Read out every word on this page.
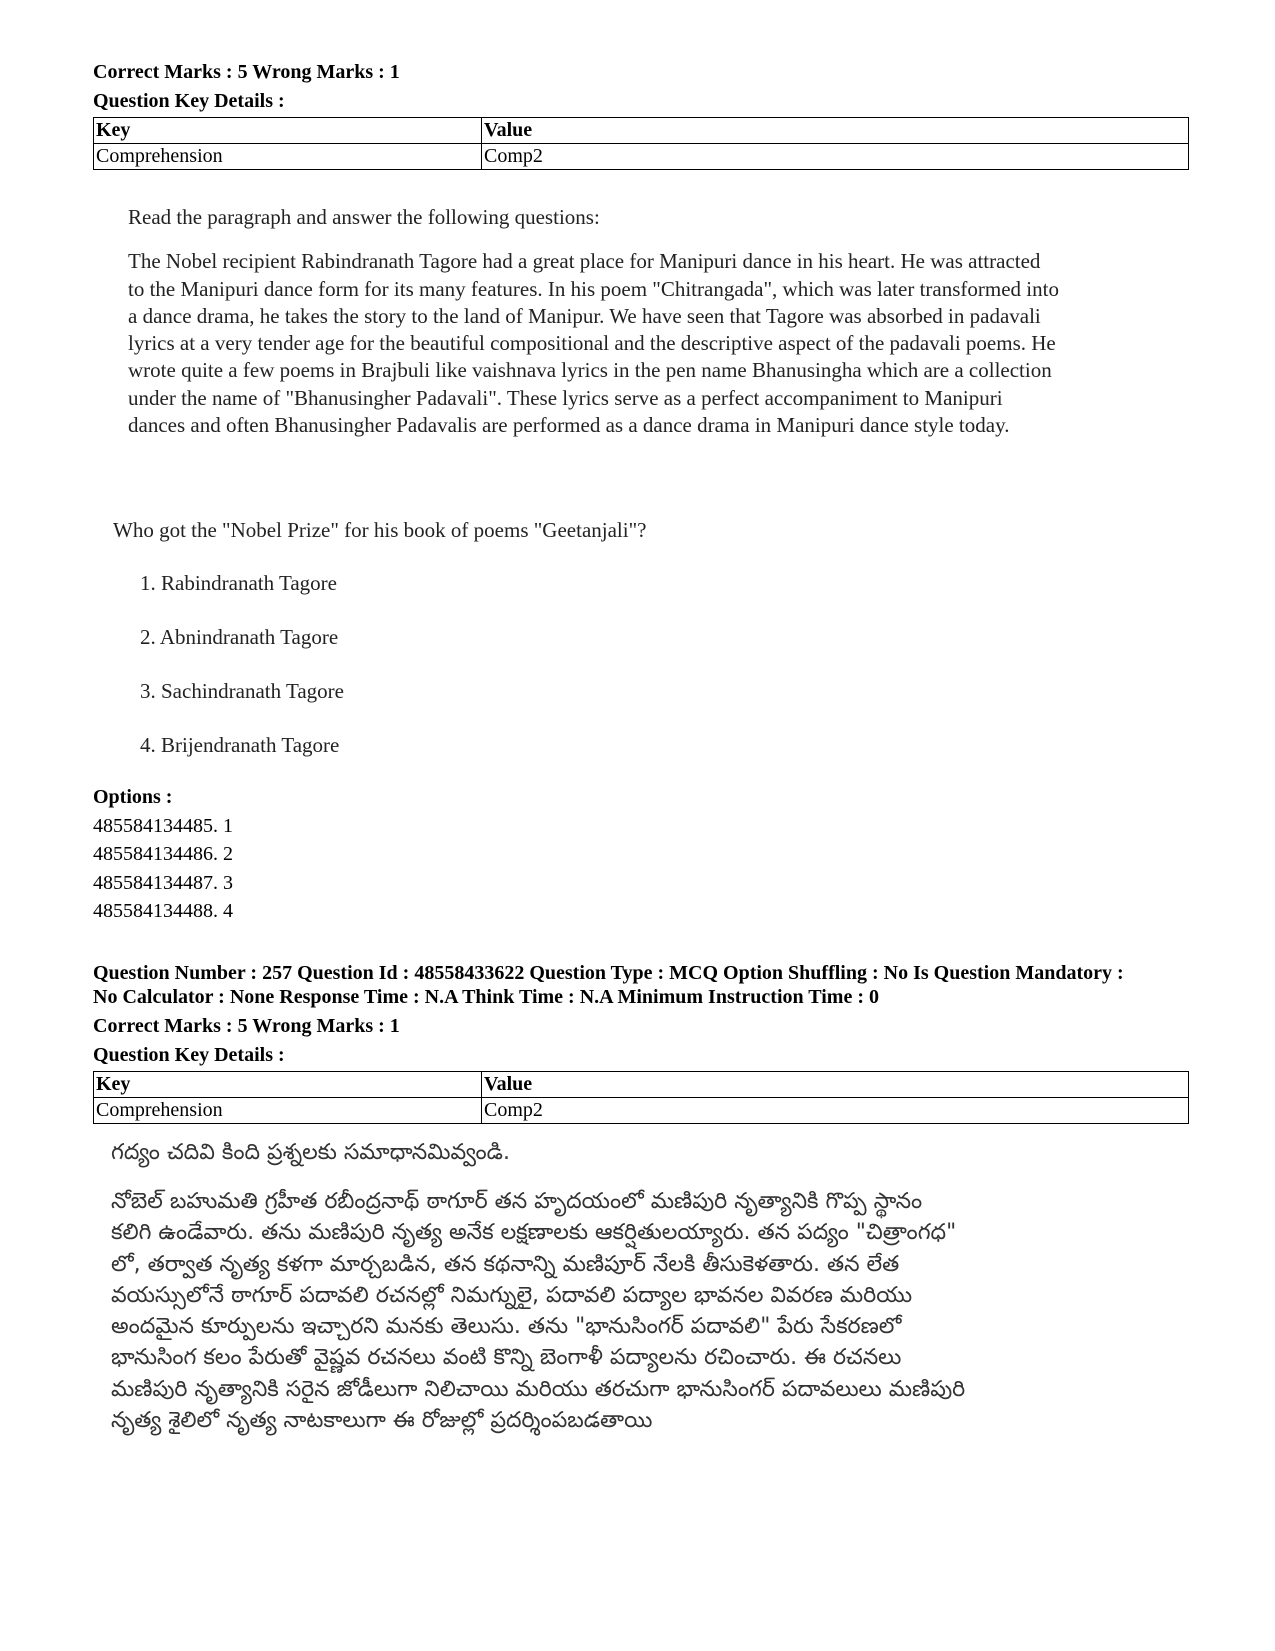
Correct Marks : 5 Wrong Marks : 1

Question Key Details :

Key	Value
Comprehension	Comp2

Read the paragraph and answer the following questions:

The Nobel recipient Rabindranath Tagore had a great place for Manipuri dance in his heart. He was attracted

to the Manipuri dance form for its many features. In his poem "Chitrangada", which was later transformed into

a dance drama, he takes the story to the land of Manipur. We have seen that Tagore was absorbed in padavali

lyrics at a very tender age for the beautiful compositional and the descriptive aspect of the padavali poems. He

wrote quite a few poems in Brajbuli like vaishnava lyrics in the pen name Bhanusingha which are a collection

under the name of "Bhanusingher Padavali". These lyrics serve as a perfect accompaniment to Manipuri

dances and often Bhanusingher Padavalis are performed as a dance drama in Manipuri dance style today.

Who got the "Nobel Prize" for his book of poems "Geetanjali"?
1. Rabindranath Tagore
2. Abnindranath Tagore
3. Sachindranath Tagore
4. Brijendranath Tagore
Options :
485584134485. 1
485584134486. 2
485584134487. 3
485584134488. 4

Question Number : 257 Question Id : 48558433622 Question Type : MCQ Option Shuffling : No Is Question Mandatory :

No Calculator : None Response Time : N.A Think Time : N.A Minimum Instruction Time : 0

Correct Marks : 5 Wrong Marks : 1

Question Key Details :

Key	Value
Comprehension	Comp2

గద్యం చదివి కింది ప్రశ్నలకు సమాధానమివ్వండి.

నోబెల్ బహుమతి గ్రహీత రబీంద్రనాథ్ ఠాగూర్ తన హృదయంలో మణిపురి నృత్యానికి గొప్ప స్థానం

కలిగి ఉండేవారు. తను మణిపురి నృత్య అనేక లక్షణాలకు ఆకర్షితులయ్యారు. తన పద్యం "చిత్రాంగధ"

లో, తర్వాత నృత్య కళగా మార్చబడిన, తన కథనాన్ని మణిపూర్ నేలకి తీసుకెళతారు. తన లేత

వయస్సులోనే ఠాగూర్ పదావలి రచనల్లో నిమగ్నులై, పదావలి పద్యాల భావనల వివరణ మరియు

అందమైన కూర్పులను ఇచ్చారని మనకు తెలుసు. తను "భానుసింగర్ పదావలి" పేరు సేకరణలో

భానుసింగ కలం పేరుతో వైష్ణవ రచనలు వంటి కొన్ని బెంగాళీ పద్యాలను రచించారు. ఈ రచనలు

మణిపురి నృత్యానికి సరైన జోడీలుగా నిలిచాయి మరియు తరచుగా భానుసింగర్ పదావలులు మణిపురి

నృత్య శైలిలో నృత్య నాటకాలుగా ఈ రోజుల్లో ప్రదర్శింపబడతాయి
